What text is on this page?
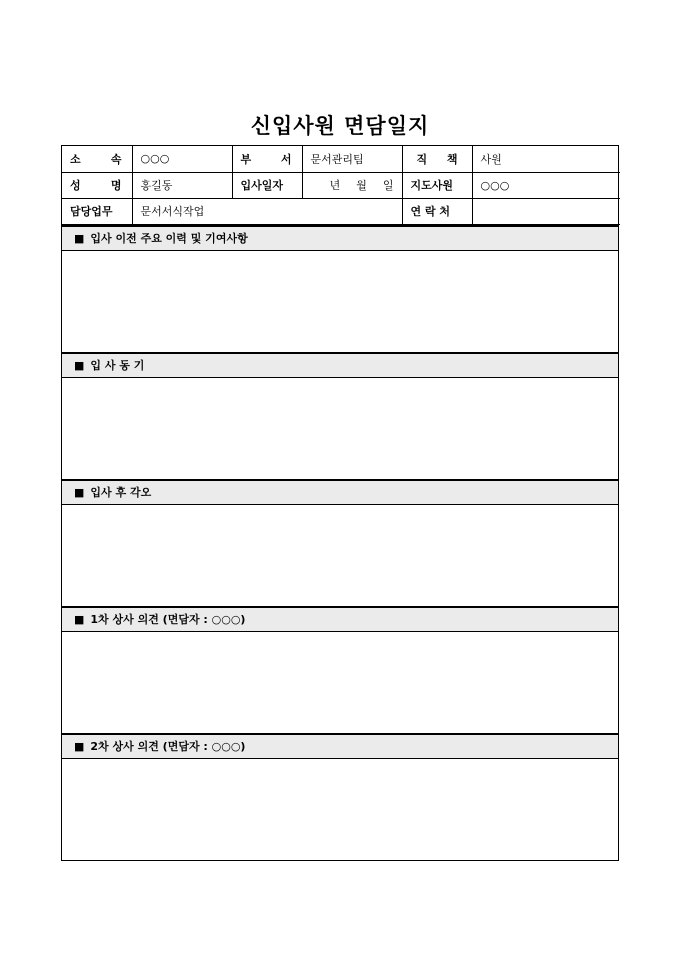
신입사원 면담일지
소 속	○○○	부 서	문서관리팀	직 책	사원

성 명	홍길동	입사일자	년 월 일	지도사원	○○○
담당업무	문서서식작업			연 락 처	
■ 입사 이전 주요 이력 및 기여사항
■ 입 사 동 기
■ 입사 후 각오
■ 1차 상사 의견 (면담자 : ○○○)
■ 2차 상사 의견 (면담자 : ○○○)
